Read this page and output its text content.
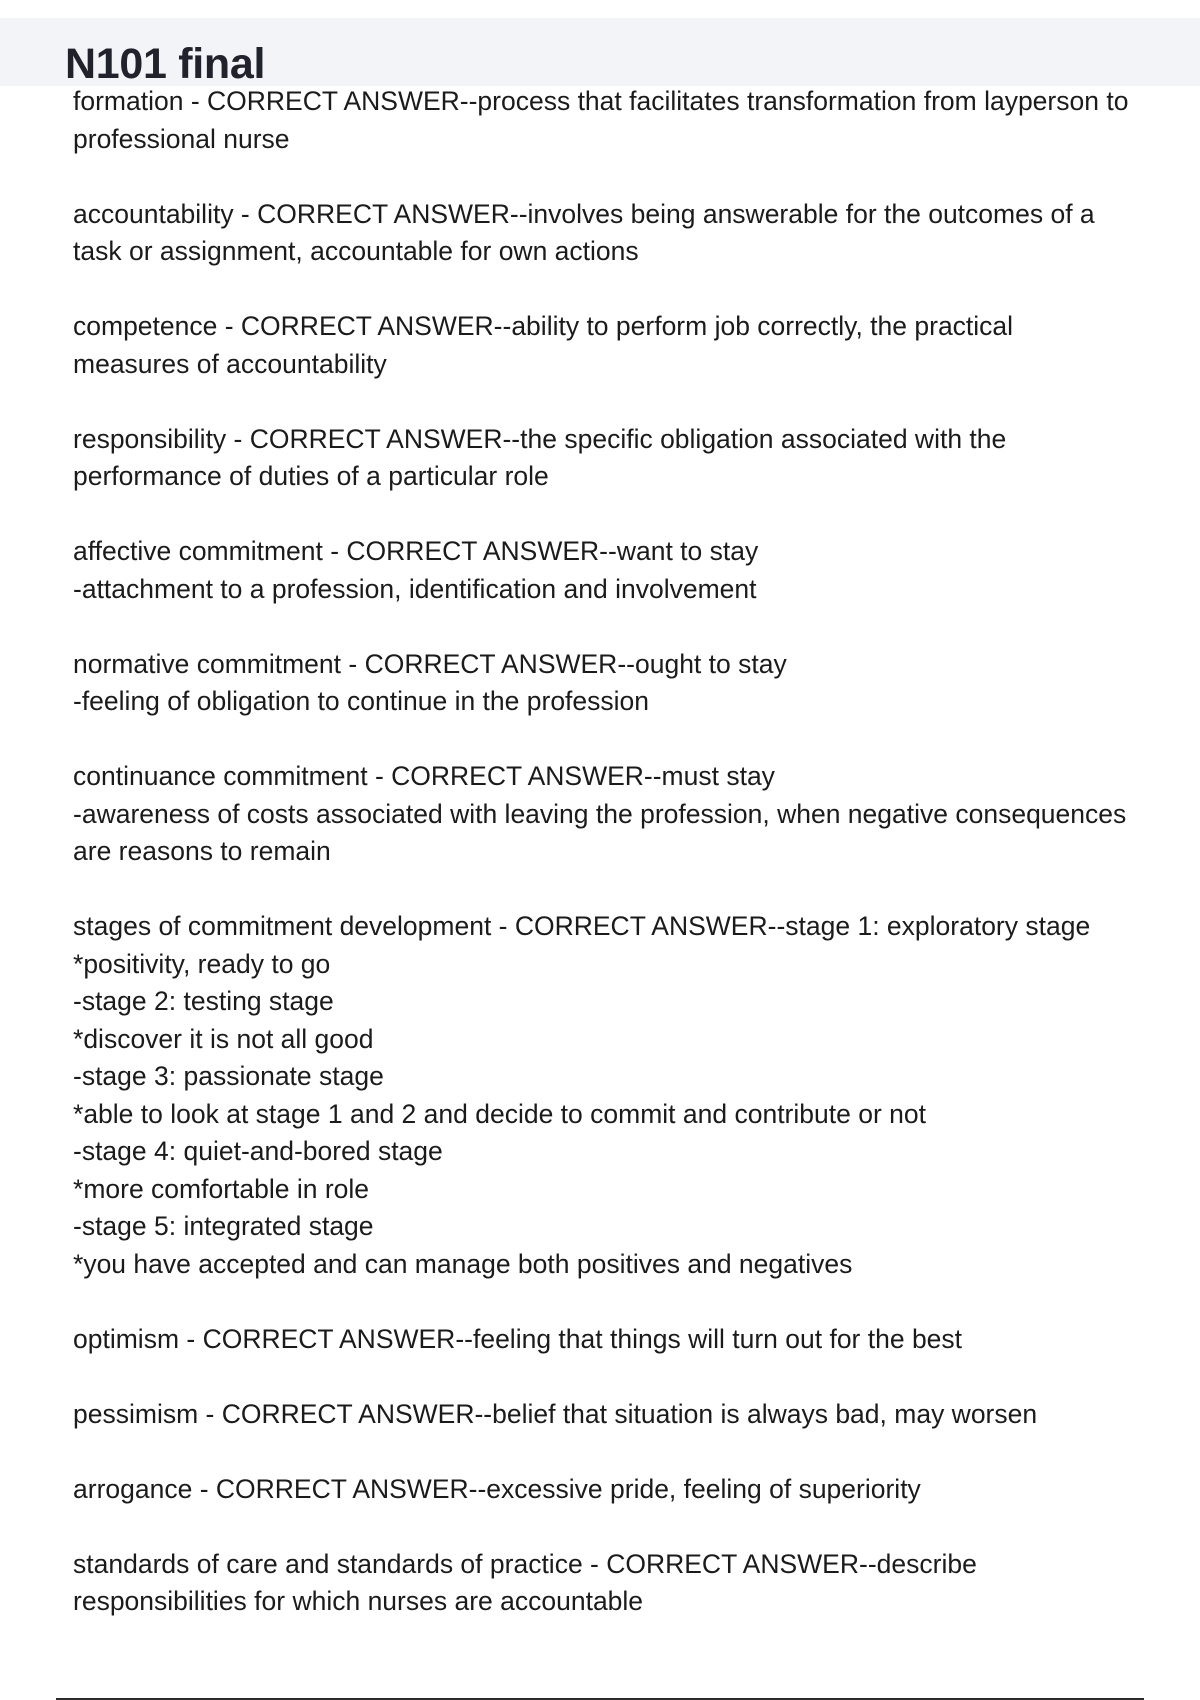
N101 final

formation - CORRECT ANSWER--process that facilitates transformation from layperson to
professional nurse

accountability - CORRECT ANSWER--involves being answerable for the outcomes of a
task or assignment, accountable for own actions

competence - CORRECT ANSWER--ability to perform job correctly, the practical
measures of accountability

responsibility - CORRECT ANSWER--the specific obligation associated with the
performance of duties of a particular role

affective commitment - CORRECT ANSWER--want to stay
-attachment to a profession, identification and involvement

normative commitment - CORRECT ANSWER--ought to stay
-feeling of obligation to continue in the profession

continuance commitment - CORRECT ANSWER--must stay
-awareness of costs associated with leaving the profession, when negative consequences
are reasons to remain

stages of commitment development - CORRECT ANSWER--stage 1: exploratory stage
*positivity, ready to go
-stage 2: testing stage
*discover it is not all good
-stage 3: passionate stage
*able to look at stage 1 and 2 and decide to commit and contribute or not
-stage 4: quiet-and-bored stage
*more comfortable in role
-stage 5: integrated stage
*you have accepted and can manage both positives and negatives

optimism - CORRECT ANSWER--feeling that things will turn out for the best

pessimism - CORRECT ANSWER--belief that situation is always bad, may worsen

arrogance - CORRECT ANSWER--excessive pride, feeling of superiority

standards of care and standards of practice - CORRECT ANSWER--describe
responsibilities for which nurses are accountable
